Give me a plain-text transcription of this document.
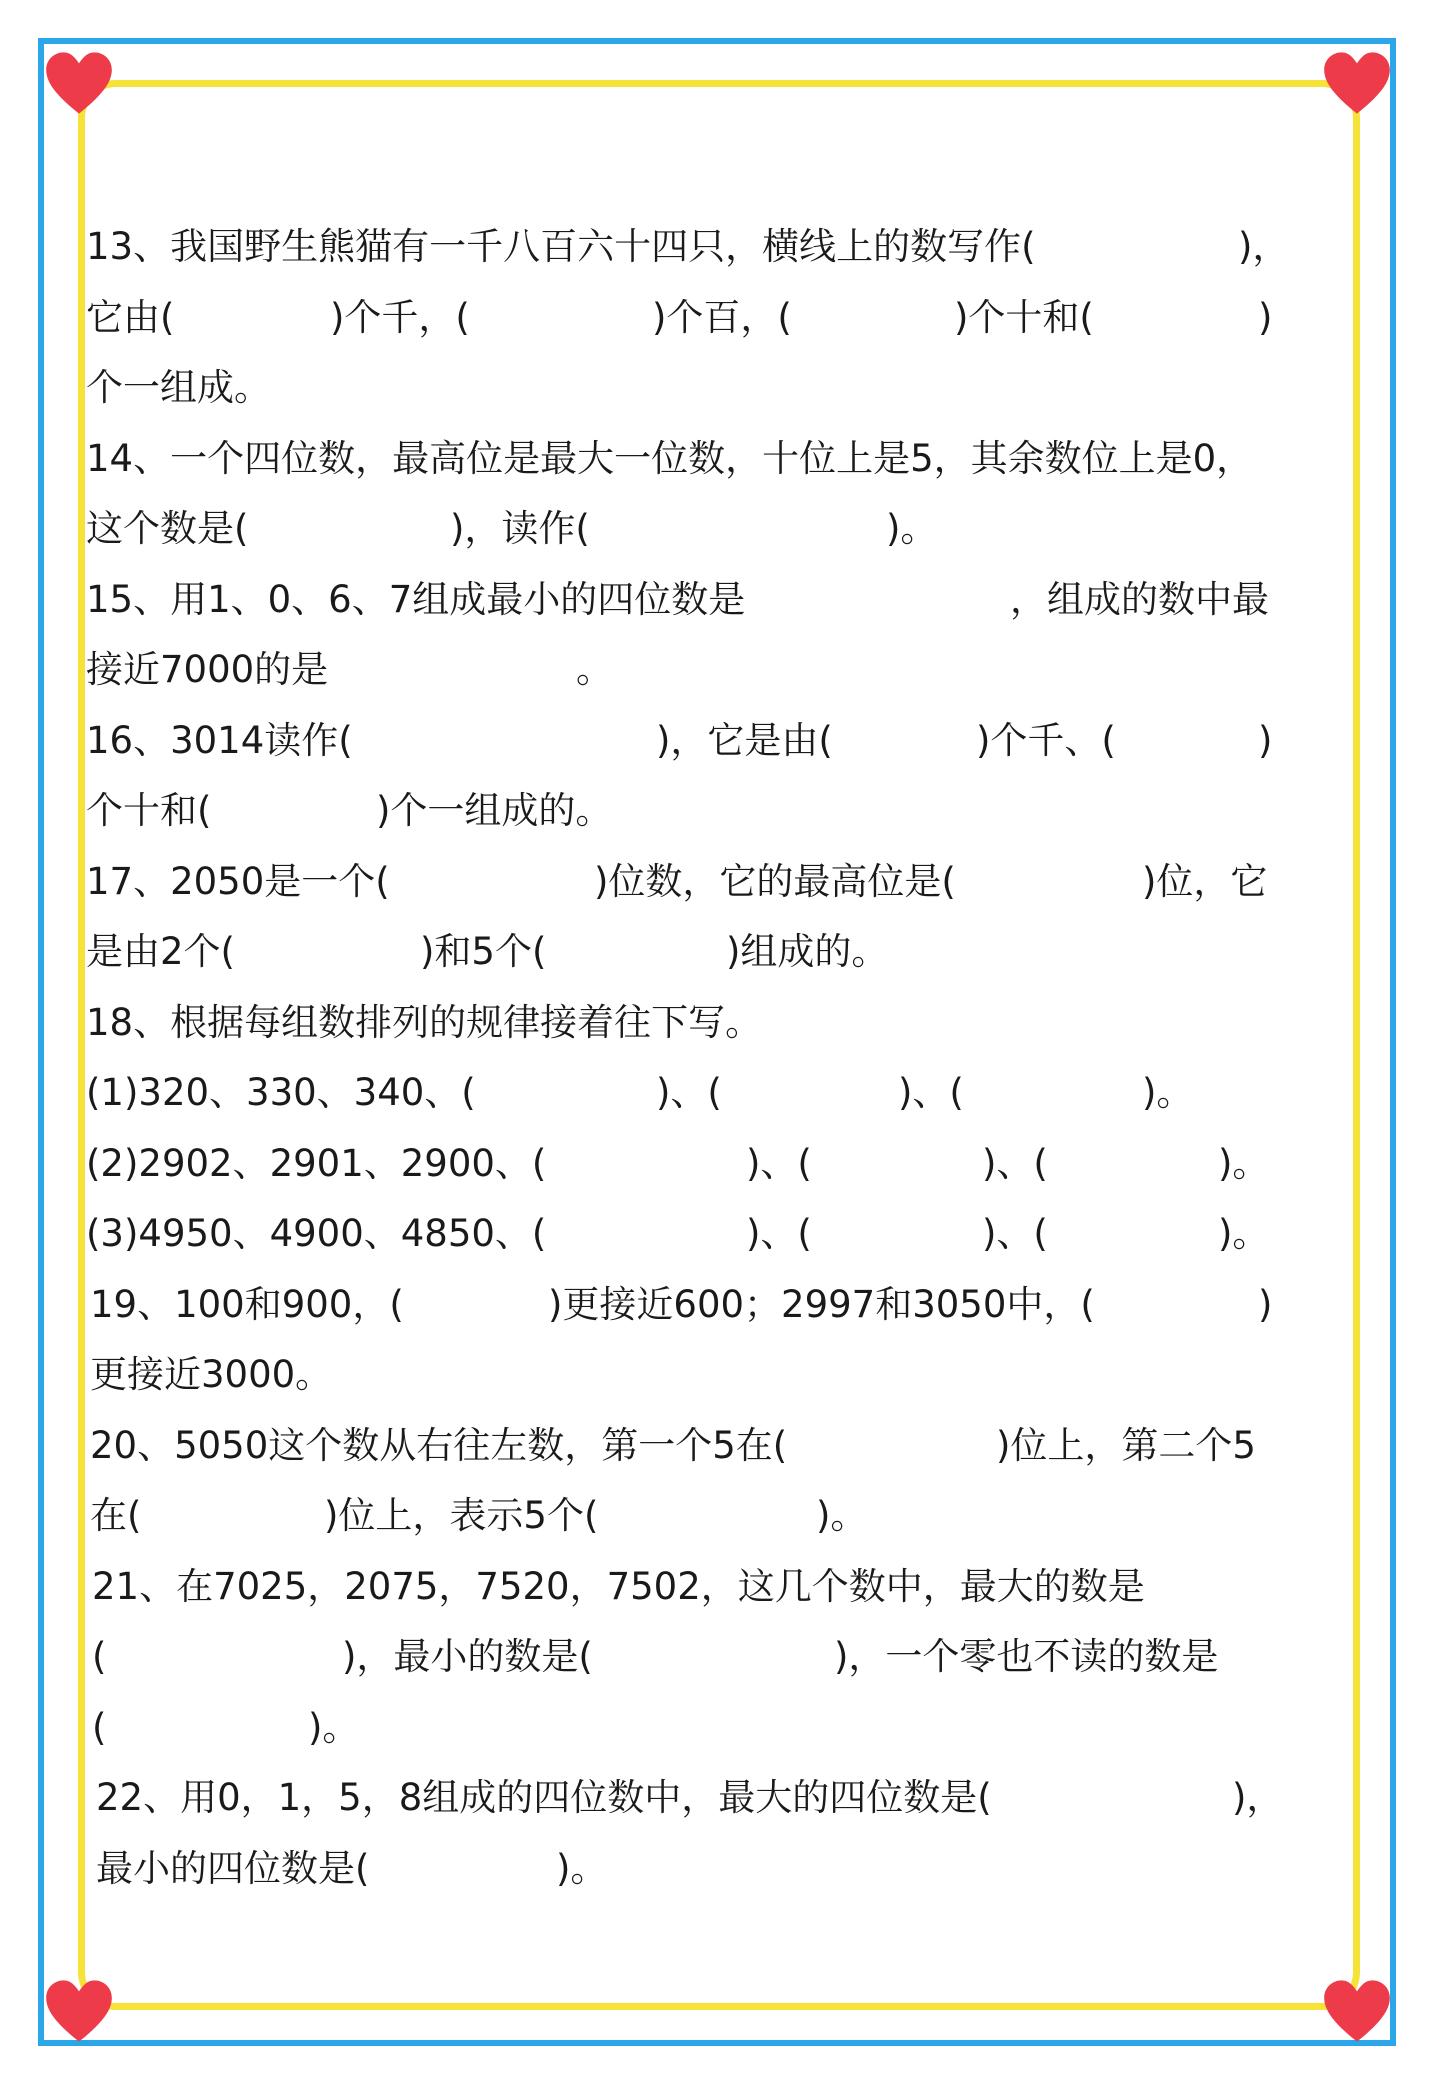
13、我国野生熊猫有一千八百六十四只，横线上的数写作(	)，
它由(	)个千，(	)个百，(	)个十和(	)
个一组成。
14、一个四位数，最高位是最大一位数，十位上是5，其余数位上是0，
这个数是(	)，读作(	)。
15、用1、0、6、7组成最小的四位数是	，组成的数中最
接近7000的是	。
16、3014读作(	)，它是由(	)个千、(	)
个十和(	)个一组成的。
17、2050是一个(	)位数，它的最高位是(	)位，它
是由2个(	)和5个(	)组成的。
18、根据每组数排列的规律接着往下写。
(1)320、330、340、(	)、(	)、(	)。
(2)2902、2901、2900、(	)、(	)、(	)。
(3)4950、4900、4850、(	)、(	)、(	)。
19、100和900，(	)更接近600；2997和3050中，(	)
更接近3000。
20、5050这个数从右往左数，第一个5在(	)位上，第二个5
在(	)位上，表示5个(	)。
21、在7025，2075，7520，7502，这几个数中，最大的数是
(	)，最小的数是(	)，一个零也不读的数是
(	)。
22、用0，1，5，8组成的四位数中，最大的四位数是(	)，
最小的四位数是(	)。
